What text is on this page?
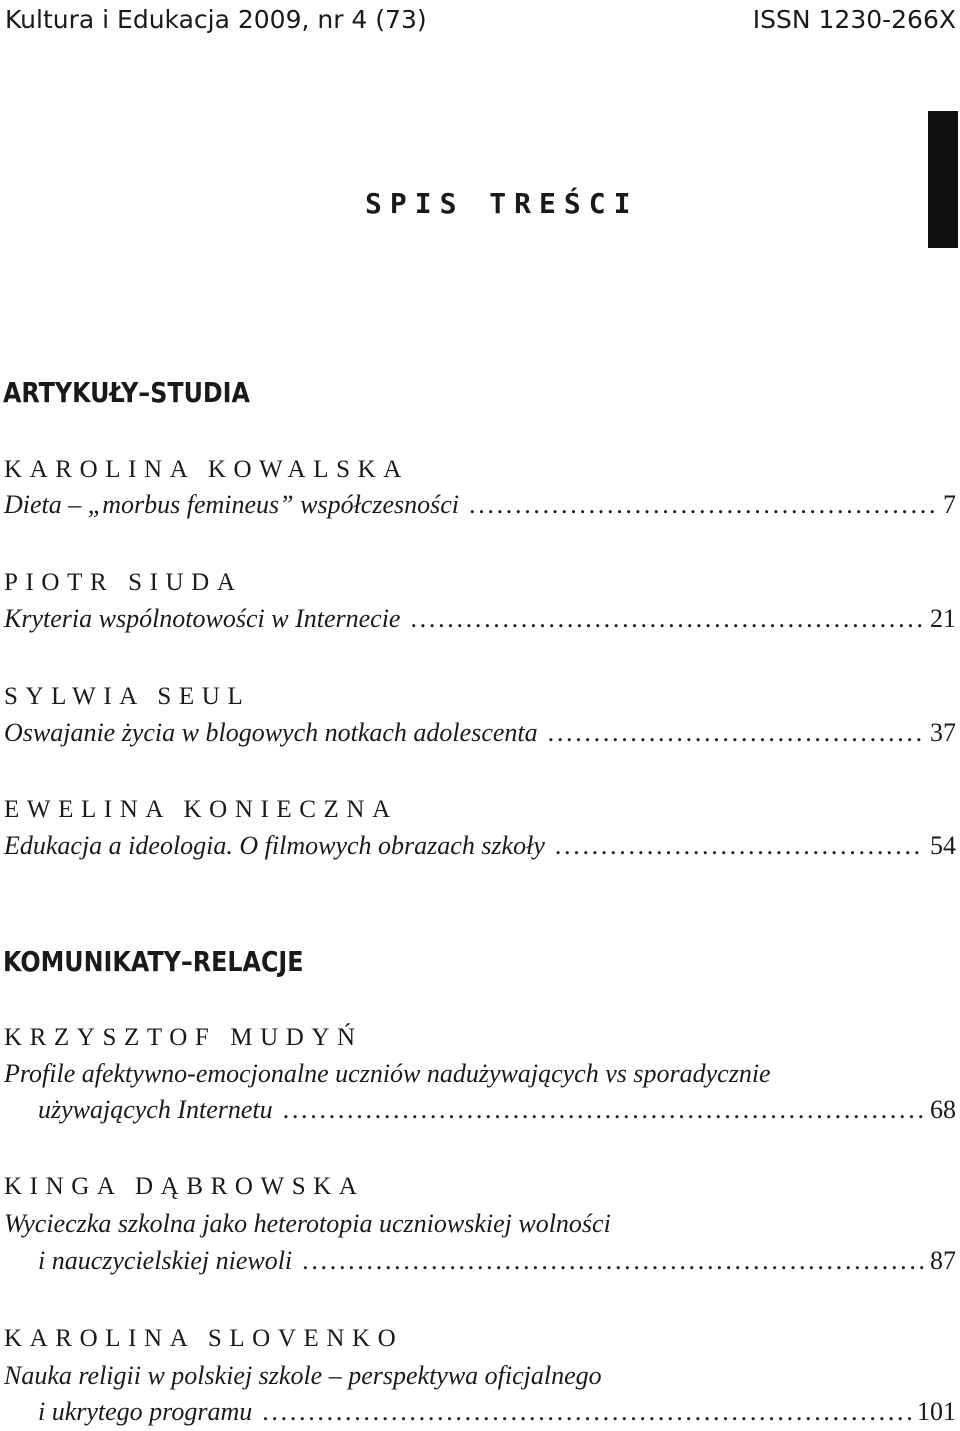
Kultura i Edukacja 2009, nr 4 (73)	ISSN 1230-266X
SPIS TREŚCI
ARTYKUŁY–STUDIA
KAROLINA KOWALSKA
Dieta – „morbus femineus” współczesności . . .	7
PIOTR SIUDA
Kryteria wspólnotowości w Internecie . . .	21
SYLWIA SEUL
Oswajanie życia w blogowych notkach adolescenta . . .	37
EWELINA KONIECZNA
Edukacja a ideologia. O filmowych obrazach szkoły . . .	54
KOMUNIKATY–RELACJE
KRZYSZTOF MUDYŃ
Profile afektywno-emocjonalne uczniów nadużywających vs sporadycznie
używających Internetu . . .	68
KINGA DĄBROWSKA
Wycieczka szkolna jako heterotopia uczniowskiej wolności
i nauczycielskiej niewoli . . .	87
KAROLINA SLOVENKO
Nauka religii w polskiej szkole – perspektywa oficjalnego
i ukrytego programu . . .	101
